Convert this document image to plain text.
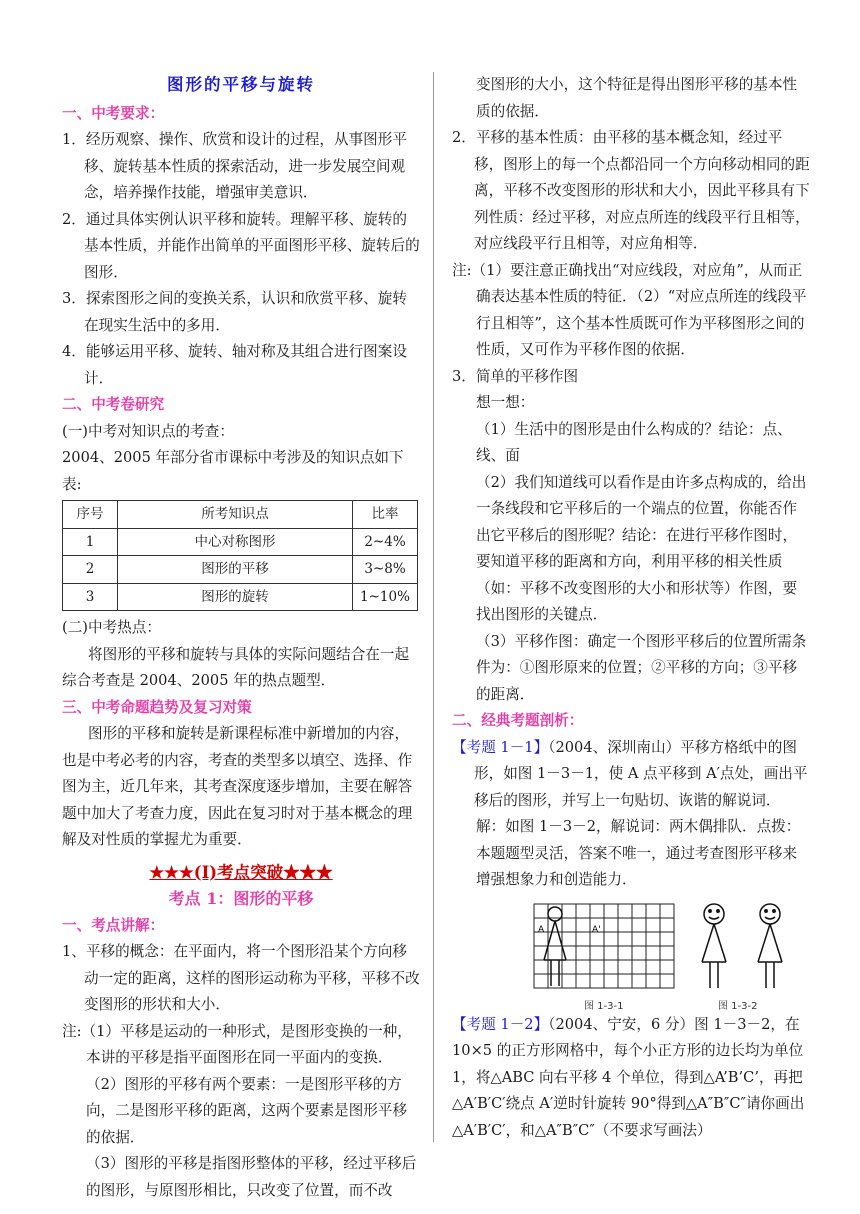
图形的平移与旋转

一、中考要求：

1．经历观察、操作、欣赏和设计的过程，从事图形平移、旋转基本性质的探索活动，进一步发展空间观念，培养操作技能，增强审美意识．

2．通过具体实例认识平移和旋转。理解平移、旋转的基本性质，并能作出简单的平面图形平移、旋转后的图形．

3．探索图形之间的变换关系，认识和欣赏平移、旋转在现实生活中的多用．

4．能够运用平移、旋转、轴对称及其组合进行图案设计．

二、中考卷研究

(一)中考对知识点的考查：

2004、2005 年部分省市课标中考涉及的知识点如下表:

序号	所考知识点	比率
1	中心对称图形	2~4%
2	图形的平移	3~8%
3	图形的旋转	1~10%

(二)中考热点：

将图形的平移和旋转与具体的实际问题结合在一起综合考查是 2004、2005 年的热点题型．

三、中考命题趋势及复习对策

图形的平移和旋转是新课程标准中新增加的内容，也是中考必考的内容，考查的类型多以填空、选择、作图为主，近几年来，其考查深度逐步增加，主要在解答题中加大了考查力度，因此在复习时对于基本概念的理解及对性质的掌握尤为重要．

★★★(I)考点突破★★★

考点 1：图形的平移

一、考点讲解：

1、平移的概念：在平面内，将一个图形沿某个方向移动一定的距离，这样的图形运动称为平移，平移不改变图形的形状和大小．

注:（1）平移是运动的一种形式，是图形变换的一种，本讲的平移是指平面图形在同一平面内的变换．

（2）图形的平移有两个要素：一是图形平移的方向，二是图形平移的距离，这两个要素是图形平移的依据．

（3）图形的平移是指图形整体的平移，经过平移后的图形，与原图形相比，只改变了位置，而不改

变图形的大小，这个特征是得出图形平移的基本性质的依据．

2．平移的基本性质：由平移的基本概念知，经过平移，图形上的每一个点都沿同一个方向移动相同的距离，平移不改变图形的形状和大小，因此平移具有下列性质：经过平移，对应点所连的线段平行且相等，对应线段平行且相等，对应角相等．

注:（1）要注意正确找出“对应线段，对应角”，从而正确表达基本性质的特征．（2）“对应点所连的线段平行且相等”，这个基本性质既可作为平移图形之间的性质，又可作为平移作图的依据．

3．简单的平移作图

想一想：

（1）生活中的图形是由什么构成的？结论：点、线、面

（2）我们知道线可以看作是由许多点构成的，给出一条线段和它平移后的一个端点的位置，你能否作出它平移后的图形呢？结论：在进行平移作图时，要知道平移的距离和方向，利用平移的相关性质（如：平移不改变图形的大小和形状等）作图，要找出图形的关键点．

（3）平移作图：确定一个图形平移后的位置所需条件为：①图形原来的位置；②平移的方向；③平移的距离．

二、经典考题剖析：

【考题 1－1】（2004、深圳南山）平移方格纸中的图形，如图 1－3－1，使 A 点平移到 A′点处，画出平移后的图形，并写上一句贴切、诙谐的解说词．

解：如图 1－3－2，解说词：两木偶排队．点拨：本题题型灵活，答案不唯一，通过考查图形平移来增强想象力和创造能力．

A	A'
图 1-3-1	图 1-3-2

【考题 1－2】（2004、宁安，6 分）图 1－3－2，在 10×5 的正方形网格中，每个小正方形的边长均为单位 1，将△ABC 向右平移 4 个单位，得到△A’B’C’，再把△A′B′C′绕点 A′逆时针旋转 90°得到△A″B″C″请你画出△A′B′C′，和△A″B″C″（不要求写画法）
